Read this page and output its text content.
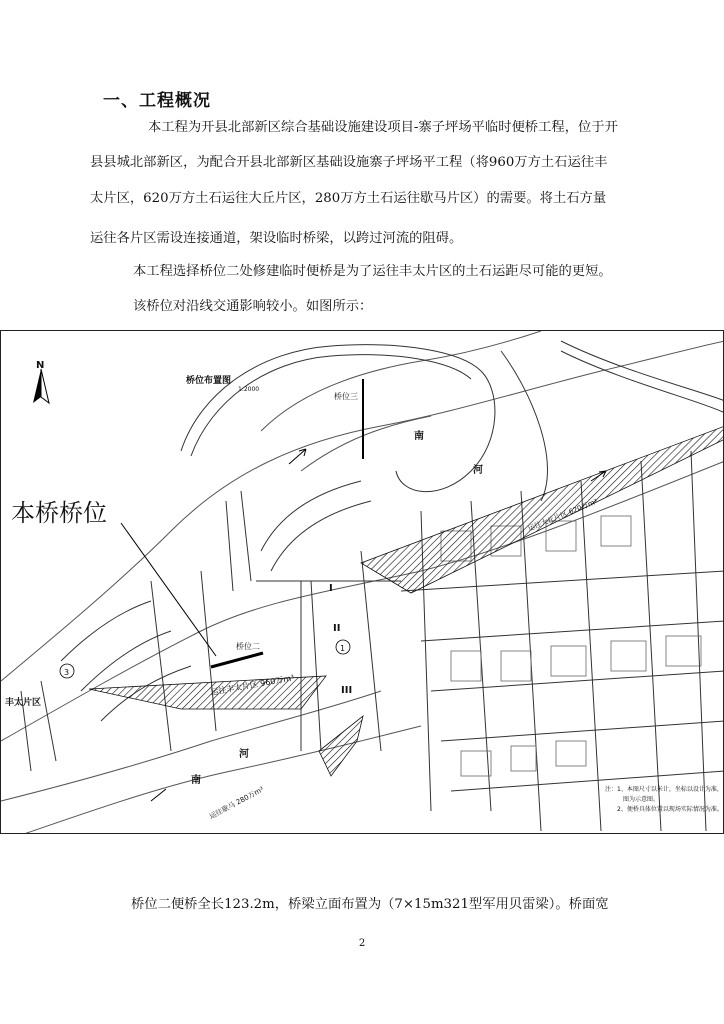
一、工程概况
本工程为开县北部新区综合基础设施建设项目-寨子坪场平临时便桥工程，位于开
县县城北部新区，为配合开县北部新区基础设施寨子坪场平工程（将960万方土石运往丰
太片区，620万方土石运往大丘片区，280万方土石运往歇马片区）的需要。将土石方量
运往各片区需设连接通道，架设临时桥梁，以跨过河流的阻碍。
本工程选择桥位二处修建临时便桥是为了运往丰太片区的土石运距尽可能的更短。
该桥位对沿线交通影响较小。如图所示：
N
桥位布置图
1:2000
本桥桥位
桥位二
桥位三
南
河
南
河
I
II
III
1
3
丰太片区
运往丰太片区 960万m³
运往大丘片区 620万m³
运往歇马 280万m³	注：1、本图尺寸以米计，坐标以设计为准，
图为示意图。
2、便桥具体位置以现场实际情况为准。
桥位二便桥全长123.2m，桥梁立面布置为（7×15m321型军用贝雷梁）。桥面宽
2
